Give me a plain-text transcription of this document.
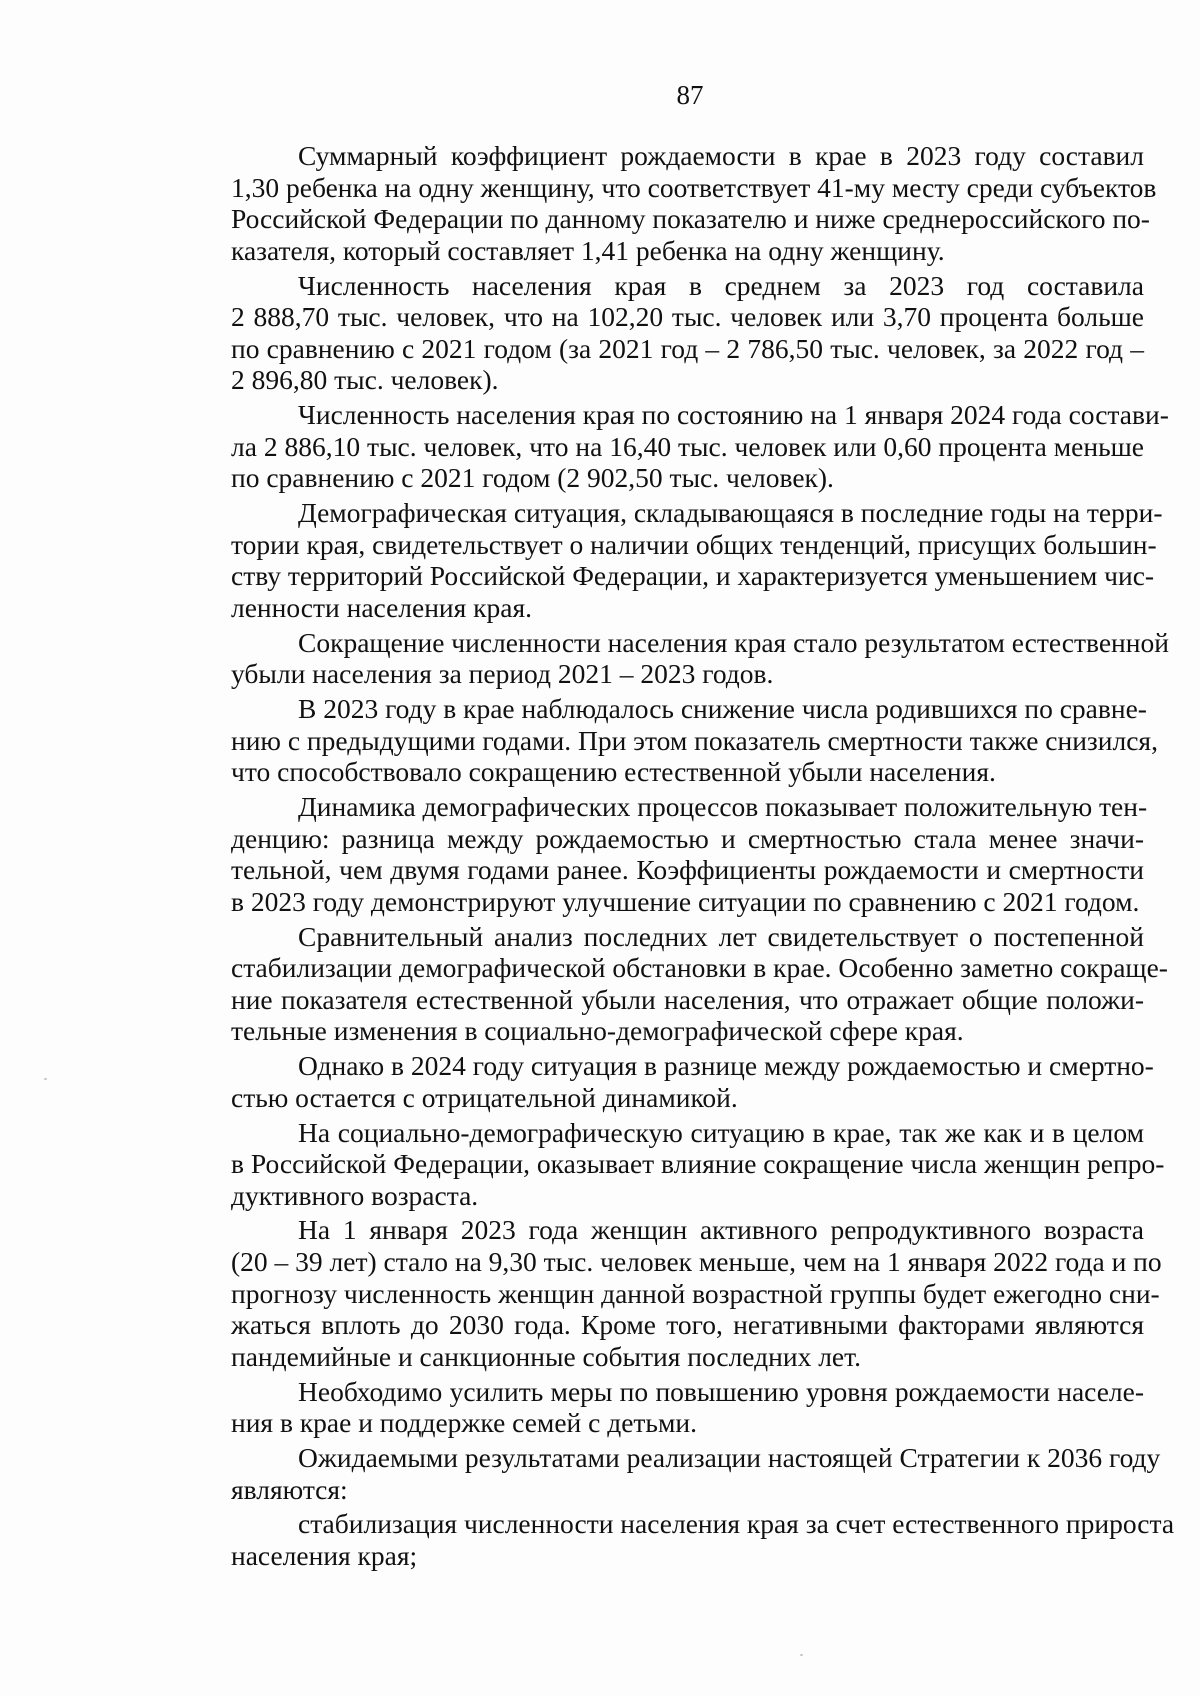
87
Суммарный коэффициент рождаемости в крае в 2023 году составил
1,30 ребенка на одну женщину, что соответствует 41-му месту среди субъектов
Российской Федерации по данному показателю и ниже среднероссийского по-
казателя, который составляет 1,41 ребенка на одну женщину.
Численность населения края в среднем за 2023 год составила
2 888,70 тыс. человек, что на 102,20 тыс. человек или 3,70 процента больше
по сравнению с 2021 годом (за 2021 год – 2 786,50 тыс. человек, за 2022 год –
2 896,80 тыс. человек).
Численность населения края по состоянию на 1 января 2024 года состави-
ла 2 886,10 тыс. человек, что на 16,40 тыс. человек или 0,60 процента меньше
по сравнению с 2021 годом (2 902,50 тыс. человек).
Демографическая ситуация, складывающаяся в последние годы на терри-
тории края, свидетельствует о наличии общих тенденций, присущих большин-
ству территорий Российской Федерации, и характеризуется уменьшением чис-
ленности населения края.
Сокращение численности населения края стало результатом естественной
убыли населения за период 2021 – 2023 годов.
В 2023 году в крае наблюдалось снижение числа родившихся по сравне-
нию с предыдущими годами. При этом показатель смертности также снизился,
что способствовало сокращению естественной убыли населения.
Динамика демографических процессов показывает положительную тен-
денцию: разница между рождаемостью и смертностью стала менее значи-
тельной, чем двумя годами ранее. Коэффициенты рождаемости и смертности
в 2023 году демонстрируют улучшение ситуации по сравнению с 2021 годом.
Сравнительный анализ последних лет свидетельствует о постепенной
стабилизации демографической обстановки в крае. Особенно заметно сокраще-
ние показателя естественной убыли населения, что отражает общие положи-
тельные изменения в социально-демографической сфере края.
Однако в 2024 году ситуация в разнице между рождаемостью и смертно-
стью остается с отрицательной динамикой.
На социально-демографическую ситуацию в крае, так же как и в целом
в Российской Федерации, оказывает влияние сокращение числа женщин репро-
дуктивного возраста.
На 1 января 2023 года женщин активного репродуктивного возраста
(20 – 39 лет) стало на 9,30 тыс. человек меньше, чем на 1 января 2022 года и по
прогнозу численность женщин данной возрастной группы будет ежегодно сни-
жаться вплоть до 2030 года. Кроме того, негативными факторами являются
пандемийные и санкционные события последних лет.
Необходимо усилить меры по повышению уровня рождаемости населе-
ния в крае и поддержке семей с детьми.
Ожидаемыми результатами реализации настоящей Стратегии к 2036 году
являются:
стабилизация численности населения края за счет естественного прироста
населения края;
